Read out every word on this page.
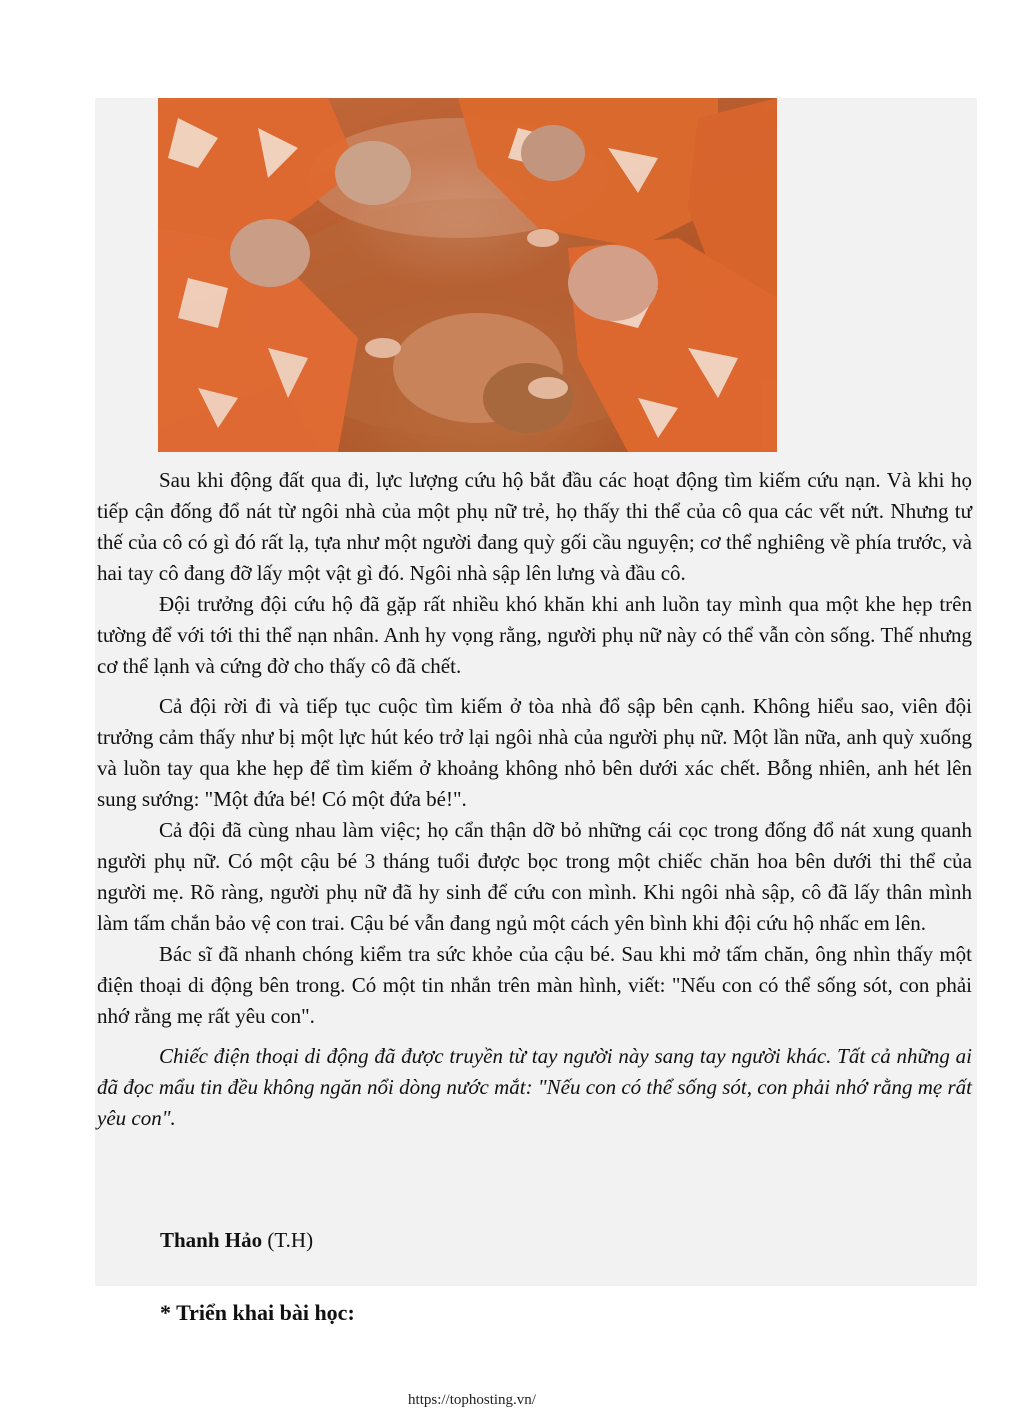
Sau khi động đất qua đi, lực lượng cứu hộ bắt đầu các hoạt động tìm kiếm cứu nạn. Và khi họ tiếp cận đống đổ nát từ ngôi nhà của một phụ nữ trẻ, họ thấy thi thể của cô qua các vết nứt. Nhưng tư thế của cô có gì đó rất lạ, tựa như một người đang quỳ gối cầu nguyện; cơ thể nghiêng về phía trước, và hai tay cô đang đỡ lấy một vật gì đó. Ngôi nhà sập lên lưng và đầu cô.

Đội trưởng đội cứu hộ đã gặp rất nhiều khó khăn khi anh luồn tay mình qua một khe hẹp trên tường để với tới thi thể nạn nhân. Anh hy vọng rằng, người phụ nữ này có thể vẫn còn sống. Thế nhưng cơ thể lạnh và cứng đờ cho thấy cô đã chết.

Cả đội rời đi và tiếp tục cuộc tìm kiếm ở tòa nhà đổ sập bên cạnh. Không hiểu sao, viên đội trưởng cảm thấy như bị một lực hút kéo trở lại ngôi nhà của người phụ nữ. Một lần nữa, anh quỳ xuống và luồn tay qua khe hẹp để tìm kiếm ở khoảng không nhỏ bên dưới xác chết. Bỗng nhiên, anh hét lên sung sướng: "Một đứa bé! Có một đứa bé!".

Cả đội đã cùng nhau làm việc; họ cẩn thận dỡ bỏ những cái cọc trong đống đổ nát xung quanh người phụ nữ. Có một cậu bé 3 tháng tuổi được bọc trong một chiếc chăn hoa bên dưới thi thể của người mẹ. Rõ ràng, người phụ nữ đã hy sinh để cứu con mình. Khi ngôi nhà sập, cô đã lấy thân mình làm tấm chắn bảo vệ con trai. Cậu bé vẫn đang ngủ một cách yên bình khi đội cứu hộ nhấc em lên.

Bác sĩ đã nhanh chóng kiểm tra sức khỏe của cậu bé. Sau khi mở tấm chăn, ông nhìn thấy một điện thoại di động bên trong. Có một tin nhắn trên màn hình, viết: "Nếu con có thể sống sót, con phải nhớ rằng mẹ rất yêu con".

Chiếc điện thoại di động đã được truyền từ tay người này sang tay người khác. Tất cả những ai đã đọc mẩu tin đều không ngăn nổi dòng nước mắt: "Nếu con có thể sống sót, con phải nhớ rằng mẹ rất yêu con".

Thanh Hảo (T.H)
* Triển khai bài học:
https://tophosting.vn/
